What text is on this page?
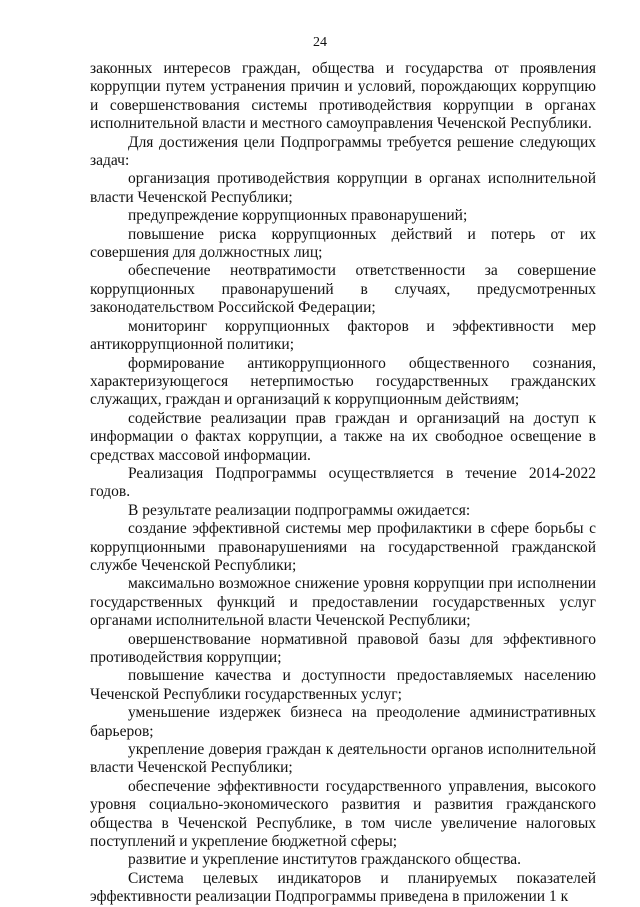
24

законных интересов граждан, общества и государства от проявления коррупции путем устранения причин и условий, порождающих коррупцию и совершенствования системы противодействия коррупции в органах исполнительной власти и местного самоуправления Чеченской Республики.

Для достижения цели Подпрограммы требуется решение следующих задач:

организация противодействия коррупции в органах исполнительной власти Чеченской Республики;

предупреждение коррупционных правонарушений;

повышение риска коррупционных действий и потерь от их совершения для должностных лиц;

обеспечение неотвратимости ответственности за совершение коррупционных правонарушений в случаях, предусмотренных законодательством Российской Федерации;

мониторинг коррупционных факторов и эффективности мер антикоррупционной политики;

формирование антикоррупционного общественного сознания, характеризующегося нетерпимостью государственных гражданских служащих, граждан и организаций к коррупционным действиям;

содействие реализации прав граждан и организаций на доступ к информации о фактах коррупции, а также на их свободное освещение в средствах массовой информации.

Реализация Подпрограммы осуществляется в течение 2014-2022 годов.

В результате реализации подпрограммы ожидается:

создание эффективной системы мер профилактики в сфере борьбы с коррупционными правонарушениями на государственной гражданской службе Чеченской Республики;

максимально возможное снижение уровня коррупции при исполнении государственных функций и предоставлении государственных услуг органами исполнительной власти Чеченской Республики;

овершенствование нормативной правовой базы для эффективного противодействия коррупции;

повышение качества и доступности предоставляемых населению Чеченской Республики государственных услуг;

уменьшение издержек бизнеса на преодоление административных барьеров;

укрепление доверия граждан к деятельности органов исполнительной власти Чеченской Республики;

обеспечение эффективности государственного управления, высокого уровня социально-экономического развития и развития гражданского общества в Чеченской Республике, в том числе увеличение налоговых поступлений и укрепление бюджетной сферы;

развитие и укрепление институтов гражданского общества.

Система целевых индикаторов и планируемых показателей эффективности реализации Подпрограммы приведена в приложении 1 к
